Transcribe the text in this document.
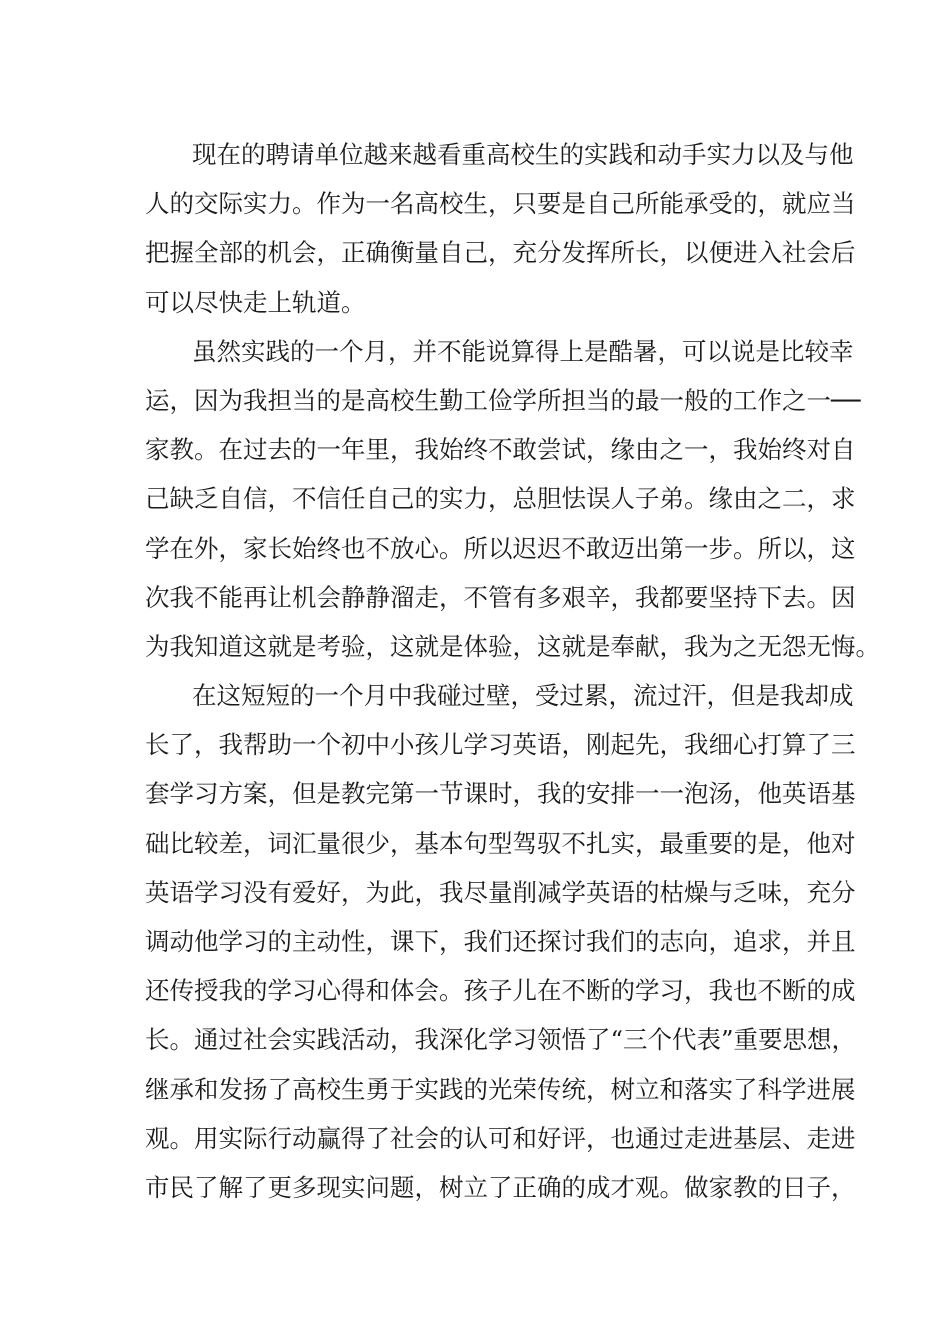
现在的聘请单位越来越看重高校生的实践和动手实力以及与他
人的交际实力。作为一名高校生，只要是自己所能承受的，就应当
把握全部的机会，正确衡量自己，充分发挥所长，以便进入社会后
可以尽快走上轨道。
虽然实践的一个月，并不能说算得上是酷暑，可以说是比较幸
运，因为我担当的是高校生勤工俭学所担当的最一般的工作之一──
家教。在过去的一年里，我始终不敢尝试，缘由之一，我始终对自
己缺乏自信，不信任自己的实力，总胆怯误人子弟。缘由之二，求
学在外，家长始终也不放心。所以迟迟不敢迈出第一步。所以，这
次我不能再让机会静静溜走，不管有多艰辛，我都要坚持下去。因
为我知道这就是考验，这就是体验，这就是奉献，我为之无怨无悔。
在这短短的一个月中我碰过壁，受过累，流过汗，但是我却成
长了，我帮助一个初中小孩儿学习英语，刚起先，我细心打算了三
套学习方案，但是教完第一节课时，我的安排一一泡汤，他英语基
础比较差，词汇量很少，基本句型驾驭不扎实，最重要的是，他对
英语学习没有爱好，为此，我尽量削减学英语的枯燥与乏味，充分
调动他学习的主动性，课下，我们还探讨我们的志向，追求，并且
还传授我的学习心得和体会。孩子儿在不断的学习，我也不断的成
长。通过社会实践活动，我深化学习领悟了“三个代表”重要思想，
继承和发扬了高校生勇于实践的光荣传统，树立和落实了科学进展
观。用实际行动赢得了社会的认可和好评，也通过走进基层、走进
市民了解了更多现实问题，树立了正确的成才观。做家教的日子，
